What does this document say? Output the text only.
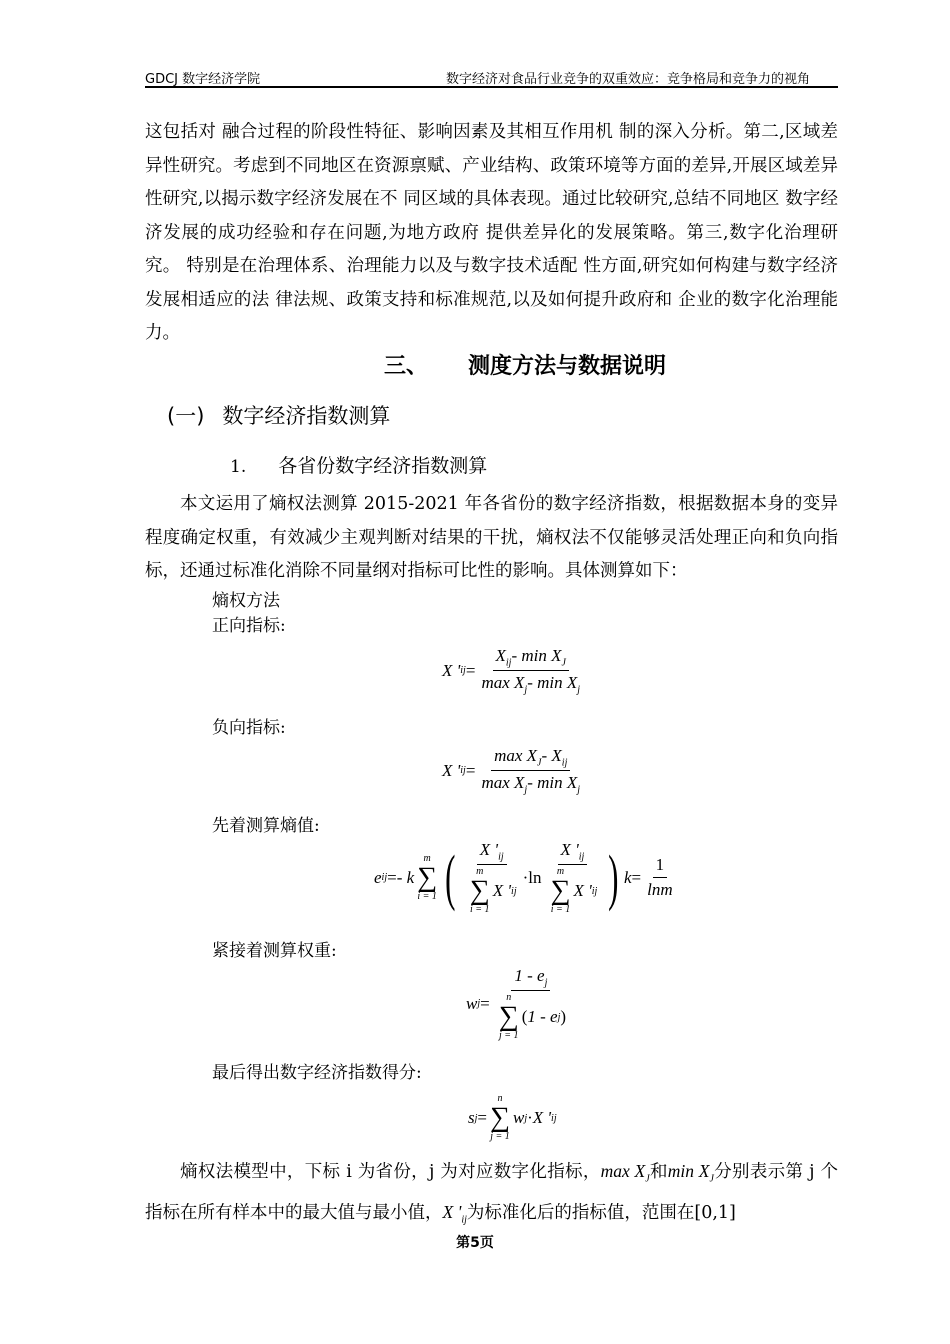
GDCJ 数字经济学院	数字经济对食品行业竞争的双重效应：竞争格局和竞争力的视角
这包括对 融合过程的阶段性特征、影响因素及其相互作用机 制的深入分析。第二,区域差异性研究。考虑到不同地区在资源禀赋、产业结构、政策环境等方面的差异,开展区域差异性研究,以揭示数字经济发展在不 同区域的具体表现。通过比较研究,总结不同地区 数字经济发展的成功经验和存在问题,为地方政府 提供差异化的发展策略。第三,数字化治理研究。 特别是在治理体系、治理能力以及与数字技术适配 性方面,研究如何构建与数字经济发展相适应的法 律法规、政策支持和标准规范,以及如何提升政府和 企业的数字化治理能力。
三、 测度方法与数据说明
(一) 数字经济指数测算
1. 各省份数字经济指数测算
本文运用了熵权法测算 2015-2021 年各省份的数字经济指数，根据数据本身的变异程度确定权重，有效减少主观判断对结果的干扰，熵权法不仅能够灵活处理正向和负向指标，还通过标准化消除不同量纲对指标可比性的影响。具体测算如下：
熵权方法
正向指标:
X ' ij = $\frac{X_{ij}- \min X_J}{\max X_j- \min X_j}$
负向指标:
X ' ij = $\frac{\max X_J- X_{ij}}{\max X_j- \min X_j}$
先着测算熵值:
e ij = - k
m
∑
i = 1 ( X '$_{ij}$
m
∑
i = 1
X ' ij · ln X '$_{ij}$
m
∑
i = 1
X ' ij ) $k = \frac{1}{\ln m}$
紧接着测算权重:
w $j = 1 - e_j$
n
∑
j = 1
( 1 - e j )
最后得出数字经济指数得分:
s j =
n
∑
j = 1
w j · X ' ij
熵权法模型中，下标 i 为省份，j 为对应数字化指标，$\max X_J$和$\min X_J$分别表示第 j 个指标在所有样本中的最大值与最小值，X '$_{ij}$为标准化后的指标值，范围在[0,1]
第5页
